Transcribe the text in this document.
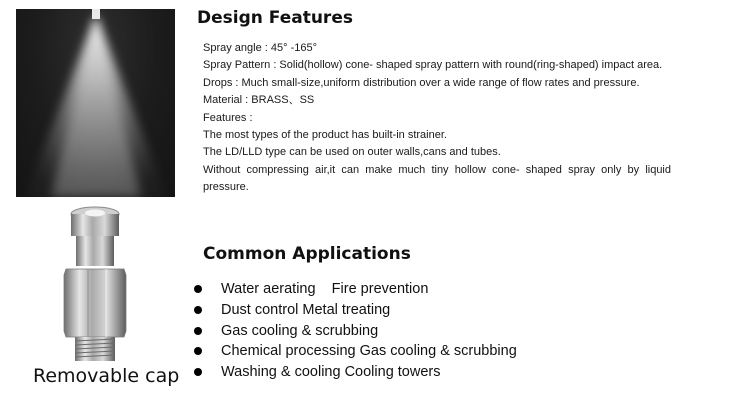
Removable cap
Design Features

Spray angle : 45° -165°

Spray Pattern : Solid(hollow) cone- shaped spray pattern with round(ring-shaped) impact area.

Drops : Much small-size,uniform distribution over a wide range of flow rates and pressure.

Material : BRASS、SS

Features :

The most types of the product has built-in strainer.

The LD/LLD type can be used on outer walls,cans and tubes.

Without compressing air,it can make much tiny hollow cone- shaped spray only by liquid pressure.

Common Applications
Water aerating    Fire prevention
Dust control Metal treating
Gas cooling & scrubbing
Chemical processing Gas cooling & scrubbing
Washing & cooling Cooling towers
